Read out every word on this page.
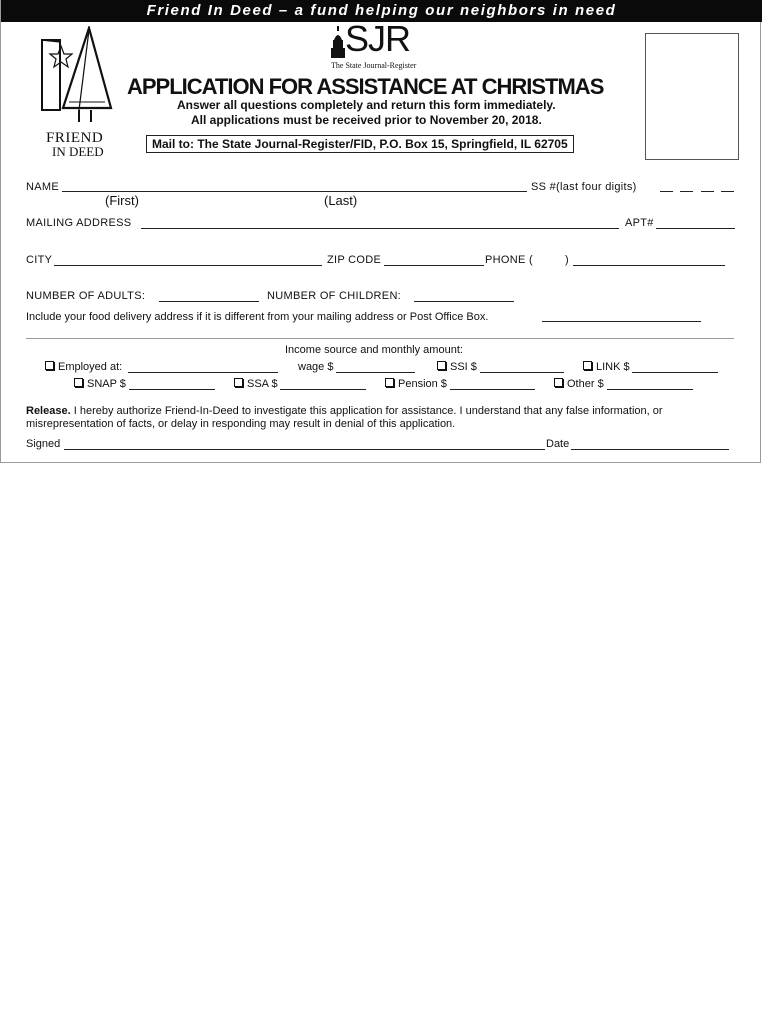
Friend In Deed – a fund helping our neighbors in need
FRIEND
IN DEED
SJR
The State Journal-Register
APPLICATION FOR ASSISTANCE AT CHRISTMAS
Answer all questions completely and return this form immediately.
All applications must be received prior to November 20, 2018.
Mail to: The State Journal-Register/FID, P.O. Box 15, Springfield, IL 62705
NAME	SS #(last four digits)
(First)	(Last)
MAILING ADDRESS	APT#
CITY	ZIP CODE	PHONE (	)
NUMBER OF ADULTS:	NUMBER OF CHILDREN:
Include your food delivery address if it is different from your mailing address or Post Office Box.
Income source and monthly amount:
Employed at:	wage $	SSI $	LINK $
SNAP $	SSA $	Pension $	Other $
Release. I hereby authorize Friend-In-Deed to investigate this application for assistance. I understand that any false information, or
misrepresentation of facts, or delay in responding may result in denial of this application.
Signed	Date
